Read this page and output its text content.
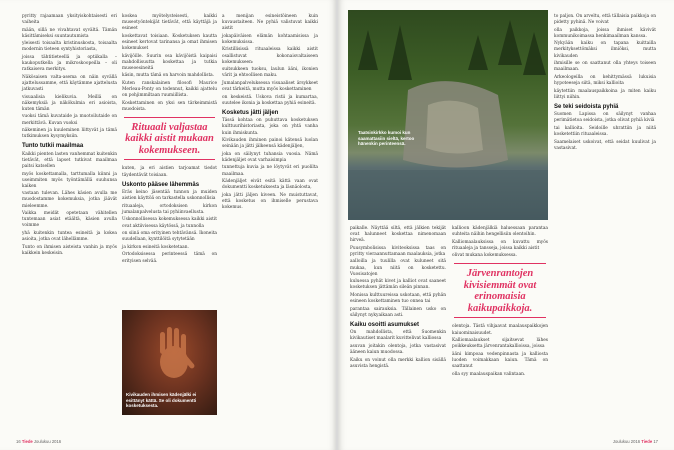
pyritty rajaamaan yksityiskohtaisesti eri vaiheita

mään, sillä ne vivahtavat syvältä. Tämän käsittämiseksi suuntautumista

yleisesti toisaalta kristinuskosta, toisaalta modernin tieteen syntyhistoriasta,

joissa tähtitieteellä ja optiikalla – kaukoputkella ja mikroskoopeilla – oli ratkaiseva merkitys.

Näkösaisen valta-asema on näin syvällä ajattelussamme, että käytämme ajattelusta jatkuvasti

visuaalisia kielikuvia. Meillä on näkemyksiä ja näkökulmia eri asioista, kuten tämän

vuoksi tämä kuvataide ja muotoilutaide on merkittävä. Kuvan vuoksi

näkeminen ja kuuleminen liittyvät ja tämä tutkimuksen kysymyksiin.

Tunto tutkii maailmaa

Kaikki pienten lasten vanhemmat kuitenkin tietävät, että lapset tutkivat maailmaa paitsi katsellen

myös koskettamalla, tarttumalla kiinni ja useimmiten myös työntämällä suuhunsa kaiken

vastaan tulevan. Lähes käsien avulla me muodostamme kokemuksia, jotka jäävät mieleemme.

Vaikka meidät opetetaan vähitellen tuntemaan asiat etäältä, käsien avulla voimme

yhä kuitenkin tuntea esineitä ja kokea asioita, jotka ovat lähellämme.

Tunto on ihmisen aisteista vanhin ja myös kaikkein keskeisin.

koskea myötelysteisesti, kaikki museotyöntekijät tietävät, että käyttäjä ja esineet

koskettavat toisiaan. Kosketuksen kautta esineet kertovat tarinansa ja omat ihmisen kokemukset

kävijöille. Suurin osa kävijöistä kaipaisi mahdollisuutta koskettaa ja tutkia museoesineitä

käsin, mutta tämä on harvoin mahdollista.

Kuten ranskalainen filosofi Maurice Merleau-Ponty on todennut, kaikki ajattelu on pohjimmiltaan ruumiillista.

Koskettaminen on yksi sen tärkeimmistä muodoista.

Rituaali valjastaa kaikki aistit mukaan kokemukseen.

kuten, ja eri aistien tarjoamat tiedot täydentävät toisiaan.

Uskonto pääsee lähemmäs

Eräs keino jäsentää tunnon ja muiden aistien käyttöä on tarkastella uskonnollisia

rituaaleja, ortodoksisen kirkon jumalanpalvelusta tai pyhiinvaellusta.

Uskonnollisessa kokemuksessa kaikki aistit ovat aktiivisessa käytössä, ja tunnolla

on siinä oma erityinen tehtävänsä. Ikoneita suudellaan, kynttilöitä sytytetään

ja kirkon esineitä kosketetaan.

Ortodoksisessa perinteessä tämä on erityisen selvää.

Kivikauden ihmisen kädenjälki ei esittänyt kättä. Se oli dokumentti kosketuksesta.

a menijan esineistöineen kuin kuvaustaiteen. Ne pyhiä valistuvat kaikki aistit

jokapäiväisen elämän kohtaamisissa ja kokemuksissa.

Kristillisissä rituaaleissa kaikki aistit osallistuvat kokonaisvaltaiseen kokemukseen:

suitsukkeen tuoksu, laulun ääni, ikonien värit ja ehtoollisen maku.

Jumalanpalveluksessa visuaaliset ärsykkeet ovat tärkeitä, mutta myös koskettaminen

on keskeistä. Uskova ristii ja kumartaa, suutelee ikonia ja koskettaa pyhiä esineitä.

Kosketus jätti jäljen

Tässä kohtaa on puhuttava kosketuksen kulttuurihistoriasta, joka on yhtä vanha kuin ihmiskunta.

Kivikauden ihminen painoi kätensä luolan seinään ja jätti jälkeensä kädenjäljen,

joka on säilynyt tuhansia vuosia. Nämä kädenjäljet ovat varhaisimpia

tunnettuja kuvia ja ne löytyvät eri puolilta maailmaa.

Kädenjäljet eivät esitä kättä vaan ovat dokumentti kosketuksesta ja läsnäolosta,

joka jätti jäljen kiveen. Ne muistuttavat, että kosketus on ihmiselle perustava kokemus.

16 Tiede Joulukuu 2016
Taatsinkirkko kumoi kun saamattasiin sieltä, kertoo hänenkin perinteensä.

paikalle. Näyttää siltä, että jälkien tekijät ovat halunneet koskettaa nimenomaan hirveä.

Puusymbolisissa kiviteoksissa taas on pyritty vieraannuttamaan maalauksia, jotka

aalloilla ja tuulilla ovat kuluneet sitä mukaa, kun niitä on kosketettu. Vuosisatojen

kuluessa pyhät kivet ja kalliot ovat saaneet kosketuksen jättämän sileän pinnan.

Monissa kulttuureissa uskotaan, että pyhän esineen koskettaminen tuo onnea tai

parantaa sairauksia. Tällainen usko on säilynyt nykyaikaan asti.

Kaiku osoitti asumukset

On mahdollista, että Suomenkin kivikautiset maalarit kuvittelivat kalliossa

asuvan joitakin olentoja, jotka vastasivat ääneen kaiun muodossa.

Kaiku on voinut olla merkki kallion sisällä asuvista hengistä.

kallioon kädenjälkiä haluessaan parantaa suhteita näihin hengellisiin olentoihin.

Kalliomaalauksissa on kuvattu myös rituaaleja ja tansseja, joissa kaikki aistit

olivat mukana kokemuksessa.

Järvenrantojen kivisiemmät ovat erinomaisia kaikupaikkoja.

olentoja. Tästä vihjaavat maalauspaikkojen kaiuominaisuudet.

Kalliomaalaukset sijaitsevat lähes poikkeuksetta järvenrantakallioissa, joissa

ääni kimpoaa vedenpinnasta ja kalliosta luoden voimakkaan kaiun. Tämä on saattanut

olla syy maalauspaikan valintaan.

to paljon. On arveltu, että tällaisia paikkoja on pidetty pyhinä. Ne voivat

olla paikkoja, joissa ihmiset kävivät kommunikoimassa henkimaailman kanssa.

Nykyään kaiku on tapana kuittailla merkityksettömäksi ilmiöksi, mutta kivikauden

ihmisille se on saattanut olla yhteys toiseen maailmaan.

Arkeologeilla on kehittymässä lukuisia hypoteeseja siitä, miksi kallioita

käytettiin maalauspaikkoina ja miten kaiku liittyi niihin.

Se teki seidoista pyhiä

Suomen Lapissa on säilynyt vanhaa perimätietoa seidoista, jotka olivat pyhiä kiviä

tai kallioita. Seidoille uhrattiin ja niitä kosketettiin rituaaleissa.

Saamelaiset uskoivat, että seidat kuulivat ja vastasivat.

Joulukuu 2016 Tiede 17
